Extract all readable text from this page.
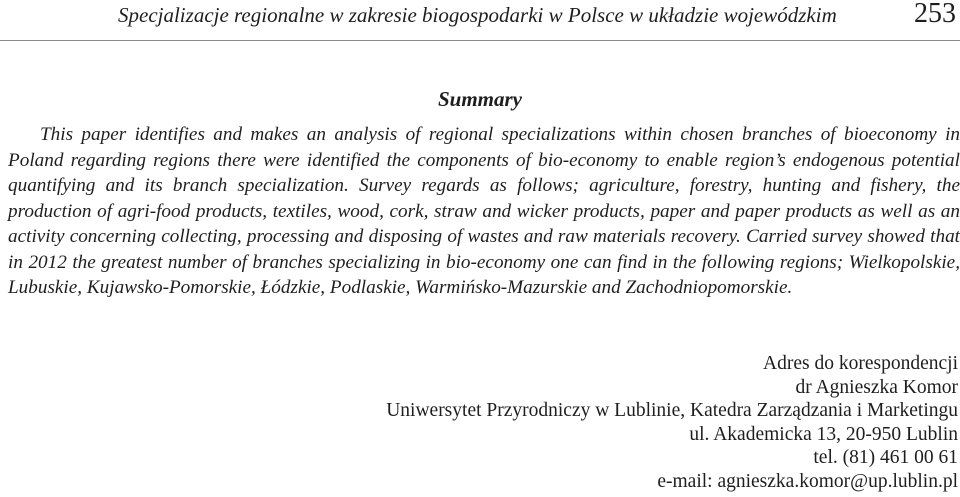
Specjalizacje regionalne w zakresie biogospodarki w Polsce w układzie wojewódzkim	253
Summary

This paper identifies and makes an analysis of regional specializations within chosen branches of bioeconomy in Poland regarding regions there were identified the components of bio-economy to enable region’s endogenous potential quantifying and its branch specialization. Survey regards as follows; agriculture, forestry, hunting and fishery, the production of agri-food products, textiles, wood, cork, straw and wicker products, paper and paper products as well as an activity concerning collecting, processing and disposing of wastes and raw materials recovery. Carried survey showed that in 2012 the greatest number of branches specializing in bio-economy one can find in the following regions; Wielkopolskie, Lubuskie, Kujawsko-Pomorskie, Łódzkie, Podlaskie, Warmińsko-Mazurskie and Zachodniopomorskie.

Adres do korespondencji
dr Agnieszka Komor
Uniwersytet Przyrodniczy w Lublinie, Katedra Zarządzania i Marketingu
ul. Akademicka 13, 20-950 Lublin
tel. (81) 461 00 61
e-mail: agnieszka.komor@up.lublin.pl
